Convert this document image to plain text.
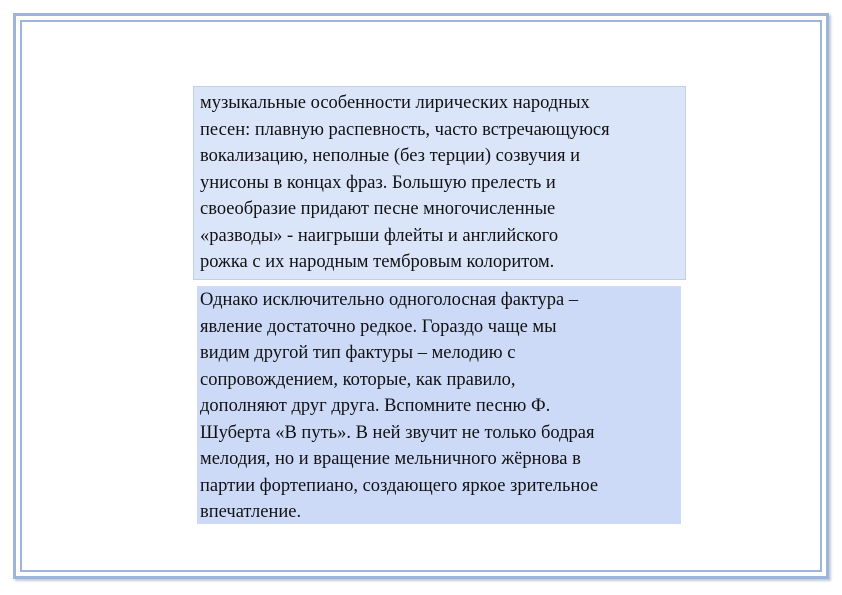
музыкальные особенности лирических народных
песен: плавную распевность, часто встречающуюся
вокализацию, неполные (без терции) созвучия и
унисоны в концах фраз. Большую прелесть и
своеобразие придают песне многочисленные
«разводы» - наигрыши флейты и английского
рожка с их народным тембровым колоритом.
Однако исключительно одноголосная фактура –
явление достаточно редкое. Гораздо чаще мы
видим другой тип фактуры – мелодию с
сопровождением, которые, как правило,
дополняют друг друга. Вспомните песню Ф.
Шуберта «В путь». В ней звучит не только бодрая
мелодия, но и вращение мельничного жёрнова в
партии фортепиано, создающего яркое зрительное
впечатление.
